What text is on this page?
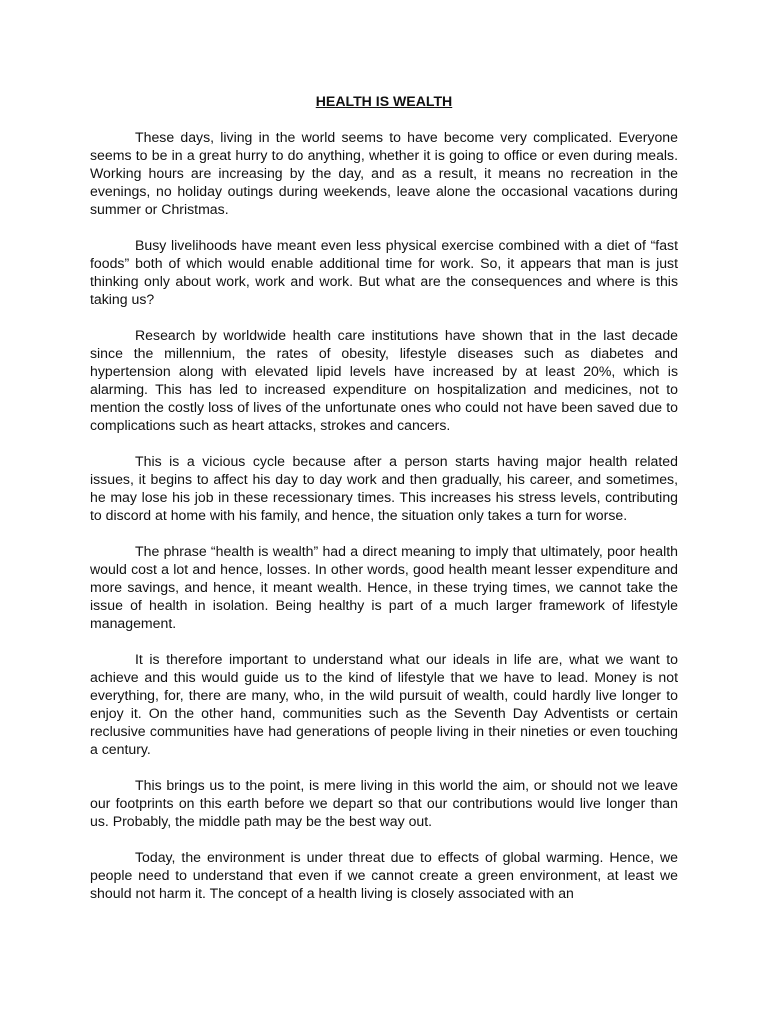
HEALTH IS WEALTH

These days, living in the world seems to have become very complicated. Everyone seems to be in a great hurry to do anything, whether it is going to office or even during meals. Working hours are increasing by the day, and as a result, it means no recreation in the evenings, no holiday outings during weekends, leave alone the occasional vacations during summer or Christmas.

Busy livelihoods have meant even less physical exercise combined with a diet of “fast foods” both of which would enable additional time for work. So, it appears that man is just thinking only about work, work and work. But what are the consequences and where is this taking us?

Research by worldwide health care institutions have shown that in the last decade since the millennium, the rates of obesity, lifestyle diseases such as diabetes and hypertension along with elevated lipid levels have increased by at least 20%, which is alarming. This has led to increased expenditure on hospitalization and medicines, not to mention the costly loss of lives of the unfortunate ones who could not have been saved due to complications such as heart attacks, strokes and cancers.

This is a vicious cycle because after a person starts having major health related issues, it begins to affect his day to day work and then gradually, his career, and sometimes, he may lose his job in these recessionary times. This increases his stress levels, contributing to discord at home with his family, and hence, the situation only takes a turn for worse.

The phrase “health is wealth” had a direct meaning to imply that ultimately, poor health would cost a lot and hence, losses. In other words, good health meant lesser expenditure and more savings, and hence, it meant wealth. Hence, in these trying times, we cannot take the issue of health in isolation. Being healthy is part of a much larger framework of lifestyle management.

It is therefore important to understand what our ideals in life are, what we want to achieve and this would guide us to the kind of lifestyle that we have to lead. Money is not everything, for, there are many, who, in the wild pursuit of wealth, could hardly live longer to enjoy it. On the other hand, communities such as the Seventh Day Adventists or certain reclusive communities have had generations of people living in their nineties or even touching a century.

This brings us to the point, is mere living in this world the aim, or should not we leave our footprints on this earth before we depart so that our contributions would live longer than us. Probably, the middle path may be the best way out.

Today, the environment is under threat due to effects of global warming. Hence, we people need to understand that even if we cannot create a green environment, at least we should not harm it. The concept of a health living is closely associated with an
